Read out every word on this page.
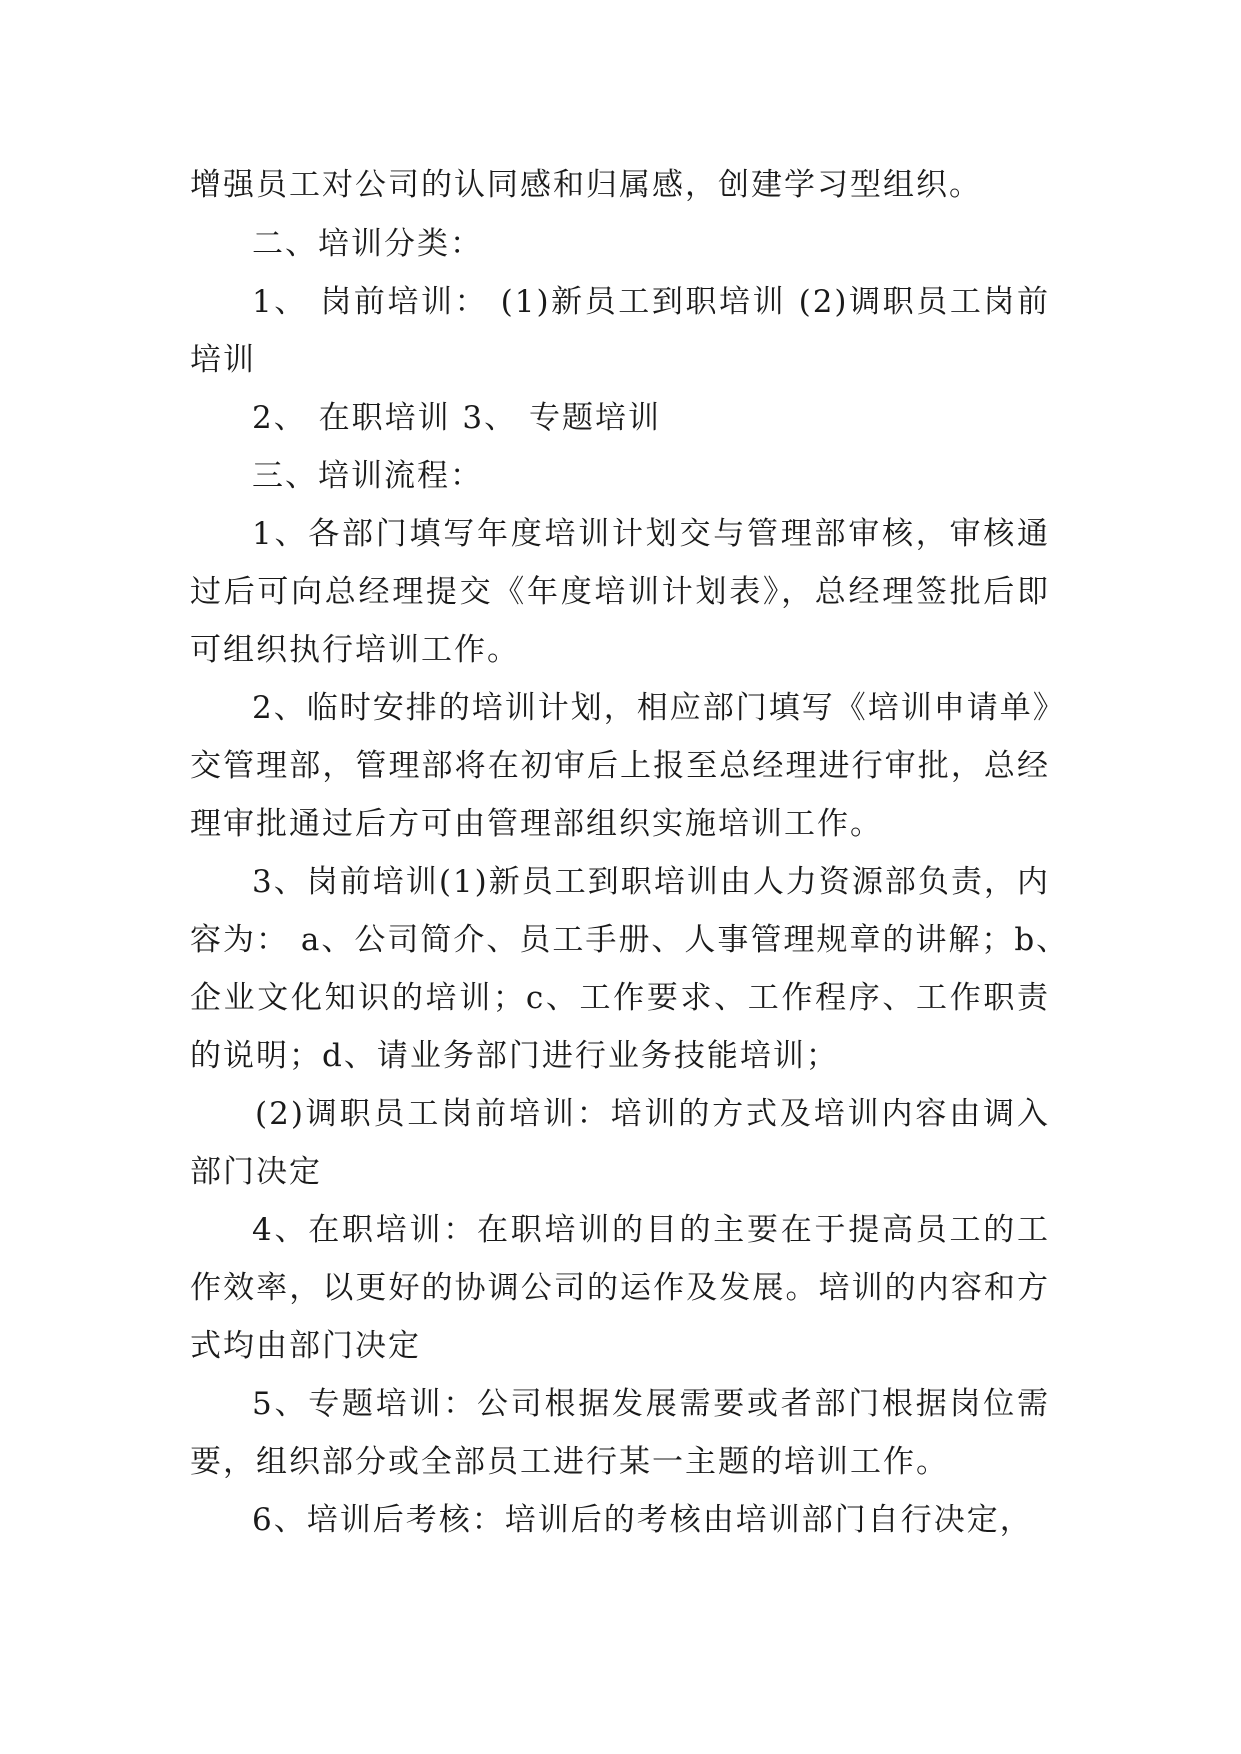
增强员工对公司的认同感和归属感，创建学习型组织。
二、培训分类：
1、 岗前培训： (1)新员工到职培训 (2)调职员工岗前
培训
2、 在职培训 3、 专题培训
三、培训流程：
1、各部门填写年度培训计划交与管理部审核，审核通
过后可向总经理提交《年度培训计划表》，总经理签批后即
可组织执行培训工作。
2、临时安排的培训计划，相应部门填写《培训申请单》
交管理部，管理部将在初审后上报至总经理进行审批，总经
理审批通过后方可由管理部组织实施培训工作。
3、岗前培训(1)新员工到职培训由人力资源部负责，内
容为： a、公司简介、员工手册、人事管理规章的讲解；b、
企业文化知识的培训；c、工作要求、工作程序、工作职责
的说明；d、请业务部门进行业务技能培训；
(2)调职员工岗前培训：培训的方式及培训内容由调入
部门决定
4、在职培训：在职培训的目的主要在于提高员工的工
作效率，以更好的协调公司的运作及发展。培训的内容和方
式均由部门决定
5、专题培训：公司根据发展需要或者部门根据岗位需
要，组织部分或全部员工进行某一主题的培训工作。
6、培训后考核：培训后的考核由培训部门自行决定，
